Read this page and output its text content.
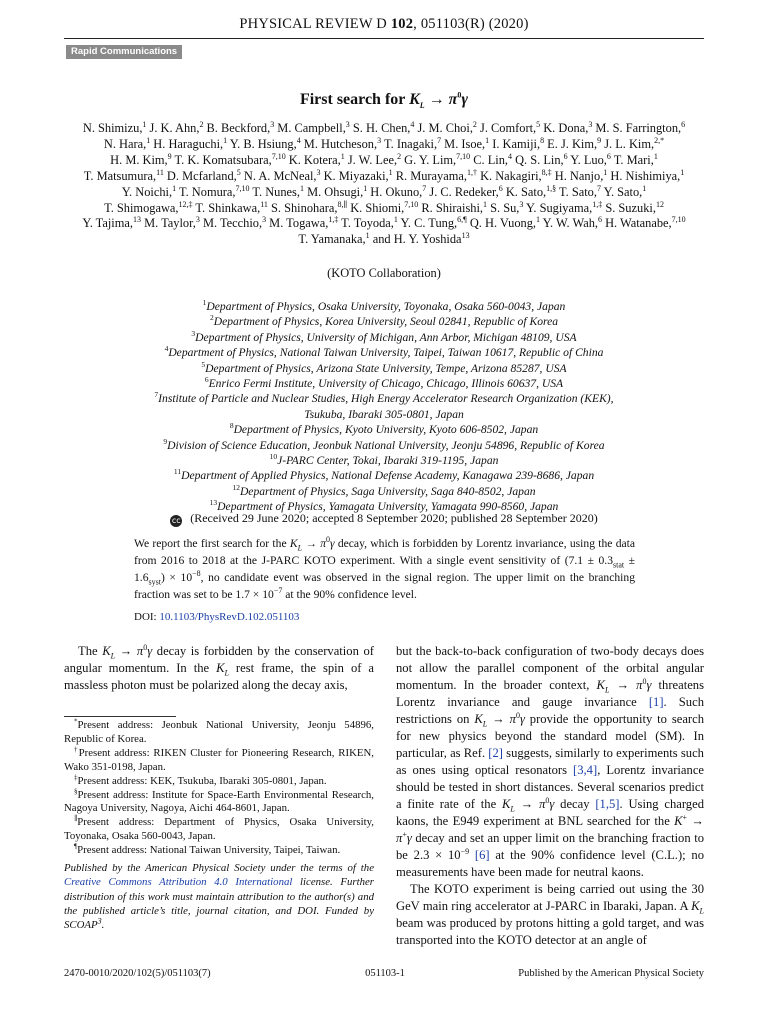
PHYSICAL REVIEW D 102, 051103(R) (2020)
Rapid Communications
First search for $K_L \to \pi^0\gamma$
N. Shimizu,$^1$ J. K. Ahn,$^2$ B. Beckford,$^3$ M. Campbell,$^3$ S. H. Chen,$^4$ J. M. Choi,$^2$ J. Comfort,$^5$ K. Dona,$^3$ M. S. Farrington,$^6$
N. Hara,$^1$ H. Haraguchi,$^1$ Y. B. Hsiung,$^4$ M. Hutcheson,$^3$ T. Inagaki,$^7$ M. Isoe,$^1$ I. Kamiji,$^8$ E. J. Kim,$^9$ J. L. Kim,$^{2,*}$
H. M. Kim,$^9$ T. K. Komatsubara,$^{7,10}$ K. Kotera,$^1$ J. W. Lee,$^2$ G. Y. Lim,$^{7,10}$ C. Lin,$^4$ Q. S. Lin,$^6$ Y. Luo,$^6$ T. Mari,$^1$
T. Matsumura,$^{11}$ D. Mcfarland,$^5$ N. A. McNeal,$^3$ K. Miyazaki,$^1$ R. Murayama,$^{1,\dagger}$ K. Nakagiri,$^{8,\ddagger}$ H. Nanjo,$^1$ H. Nishimiya,$^1$
Y. Noichi,$^1$ T. Nomura,$^{7,10}$ T. Nunes,$^1$ M. Ohsugi,$^1$ H. Okuno,$^7$ J. C. Redeker,$^6$ K. Sato,$^{1,\S}$ T. Sato,$^7$ Y. Sato,$^1$
T. Shimogawa,$^{12,\ddagger}$ T. Shinkawa,$^{11}$ S. Shinohara,$^{8,\parallel}$ K. Shiomi,$^{7,10}$ R. Shiraishi,$^1$ S. Su,$^3$ Y. Sugiyama,$^{1,\ddagger}$ S. Suzuki,$^{12}$
Y. Tajima,$^{13}$ M. Taylor,$^3$ M. Tecchio,$^3$ M. Togawa,$^{1,\ddagger}$ T. Toyoda,$^1$ Y. C. Tung,$^{6,\P}$ Q. H. Vuong,$^1$ Y. W. Wah,$^6$ H. Watanabe,$^{7,10}$
T. Yamanaka,$^1$ and H. Y. Yoshida$^{13}$
(KOTO Collaboration)
$^1$Department of Physics, Osaka University, Toyonaka, Osaka 560-0043, Japan
$^2$Department of Physics, Korea University, Seoul 02841, Republic of Korea
$^3$Department of Physics, University of Michigan, Ann Arbor, Michigan 48109, USA
$^4$Department of Physics, National Taiwan University, Taipei, Taiwan 10617, Republic of China
$^5$Department of Physics, Arizona State University, Tempe, Arizona 85287, USA
$^6$Enrico Fermi Institute, University of Chicago, Chicago, Illinois 60637, USA
$^7$Institute of Particle and Nuclear Studies, High Energy Accelerator Research Organization (KEK),
Tsukuba, Ibaraki 305-0801, Japan
$^8$Department of Physics, Kyoto University, Kyoto 606-8502, Japan
$^9$Division of Science Education, Jeonbuk National University, Jeonju 54896, Republic of Korea
$^{10}$J-PARC Center, Tokai, Ibaraki 319-1195, Japan
$^{11}$Department of Applied Physics, National Defense Academy, Kanagawa 239-8686, Japan
$^{12}$Department of Physics, Saga University, Saga 840-8502, Japan
$^{13}$Department of Physics, Yamagata University, Yamagata 990-8560, Japan
cc (Received 29 June 2020; accepted 8 September 2020; published 28 September 2020)
We report the first search for the $K_L \to \pi^0\gamma$ decay, which is forbidden by Lorentz invariance, using the data from 2016 to 2018 at the J-PARC KOTO experiment. With a single event sensitivity of $(7.1 \pm 0.3_{stat} \pm 1.6_{syst}) \times 10^{-8}$, no candidate event was observed in the signal region. The upper limit on the branching fraction was set to be $1.7 \times 10^{-7}$ at the 90% confidence level.
DOI: 10.1103/PhysRevD.102.051103

The $K_L \to \pi^0\gamma$ decay is forbidden by the conservation of angular momentum. In the $K_L$ rest frame, the spin of a massless photon must be polarized along the decay axis,

*Present address: Jeonbuk National University, Jeonju 54896, Republic of Korea.
†Present address: RIKEN Cluster for Pioneering Research, RIKEN, Wako 351-0198, Japan.
‡Present address: KEK, Tsukuba, Ibaraki 305-0801, Japan.
§Present address: Institute for Space-Earth Environmental Research, Nagoya University, Nagoya, Aichi 464-8601, Japan.
∥Present address: Department of Physics, Osaka University, Toyonaka, Osaka 560-0043, Japan.
¶Present address: National Taiwan University, Taipei, Taiwan.
Published by the American Physical Society under the terms of the Creative Commons Attribution 4.0 International license. Further distribution of this work must maintain attribution to the author(s) and the published article’s title, journal citation, and DOI. Funded by SCOAP$^3$.

but the back-to-back configuration of two-body decays does not allow the parallel component of the orbital angular momentum. In the broader context, $K_L \to \pi^0\gamma$ threatens Lorentz invariance and gauge invariance [1]. Such restrictions on $K_L \to \pi^0\gamma$ provide the opportunity to search for new physics beyond the standard model (SM). In particular, as Ref. [2] suggests, similarly to experiments such as ones using optical resonators [3,4], Lorentz invariance should be tested in short distances. Several scenarios predict a finite rate of the $K_L \to \pi^0\gamma$ decay [1,5]. Using charged kaons, the E949 experiment at BNL searched for the K+ → π+γ decay and set an upper limit on the branching fraction to be $2.3 \times 10^{-9}$ [6] at the 90% confidence level (C.L.); no measurements have been made for neutral kaons.

The KOTO experiment is being carried out using the 30 GeV main ring accelerator at J-PARC in Ibaraki, Japan. A $K_L$ beam was produced by protons hitting a gold target, and was transported into the KOTO detector at an angle of

2470-0010/2020/102(5)/051103(7)	051103-1	Published by the American Physical Society
